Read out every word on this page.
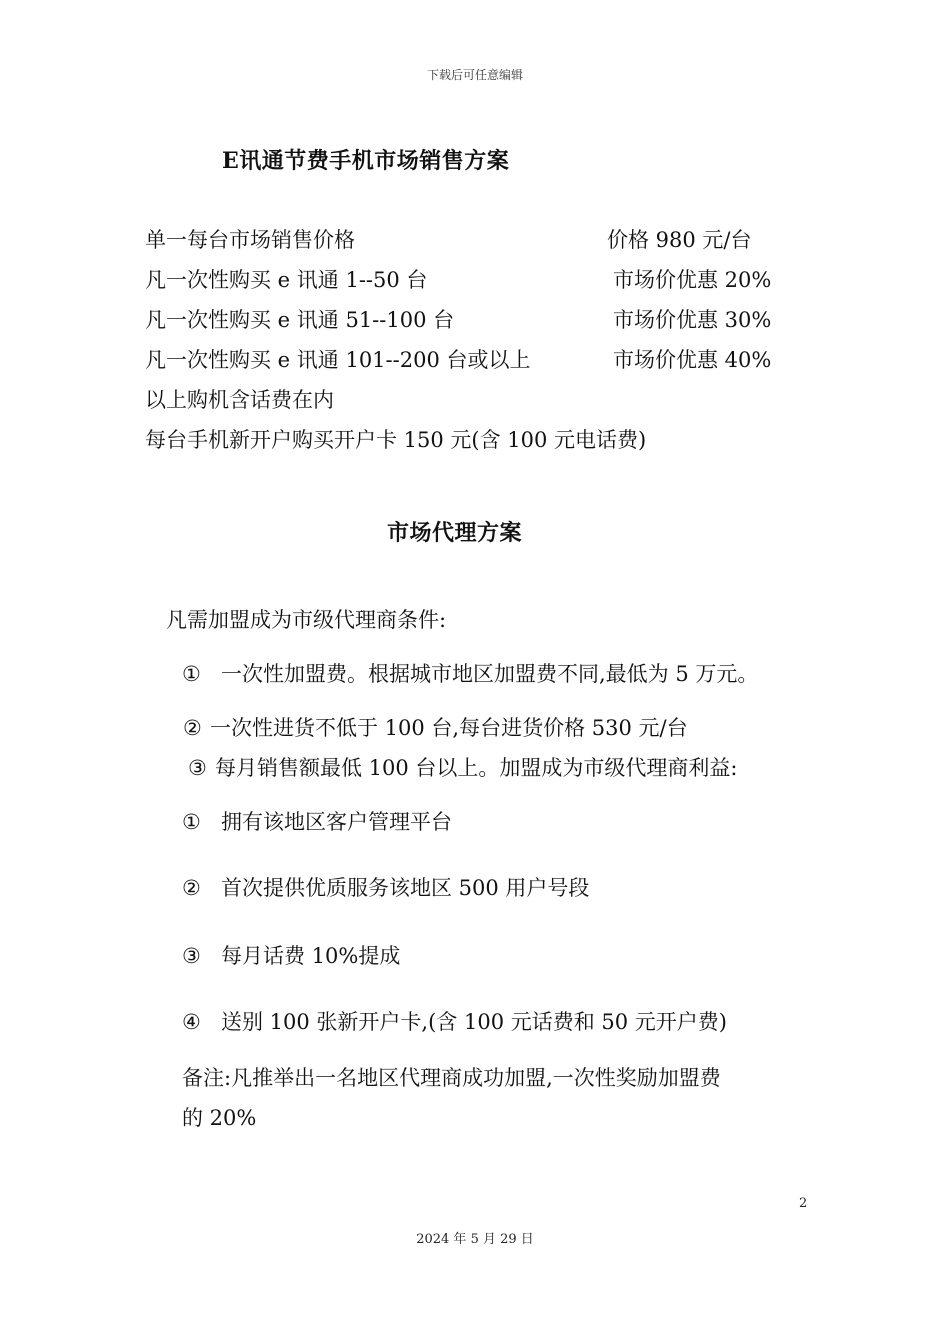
下载后可任意编辑
E讯通节费手机市场销售方案
单一每台市场销售价格	价格 980 元/台
凡一次性购买 e 讯通 1--50 台	市场价优惠 20%
凡一次性购买 e 讯通 51--100 台	市场价优惠 30%
凡一次性购买 e 讯通 101--200 台或以上	市场价优惠 40%
以上购机含话费在内
每台手机新开户购买开户卡 150 元(含 100 元电话费)
市场代理方案
凡需加盟成为市级代理商条件:
① 一次性加盟费。根据城市地区加盟费不同,最低为 5 万元。
② 一次性进货不低于 100 台,每台进货价格 530 元/台
③ 每月销售额最低 100 台以上。加盟成为市级代理商利益:
① 拥有该地区客户管理平台
② 首次提供优质服务该地区 500 用户号段
③ 每月话费 10%提成
④ 送别 100 张新开户卡,(含 100 元话费和 50 元开户费)
备注:凡推举出一名地区代理商成功加盟,一次性奖励加盟费
的 20%
2
2024 年 5 月 29 日
